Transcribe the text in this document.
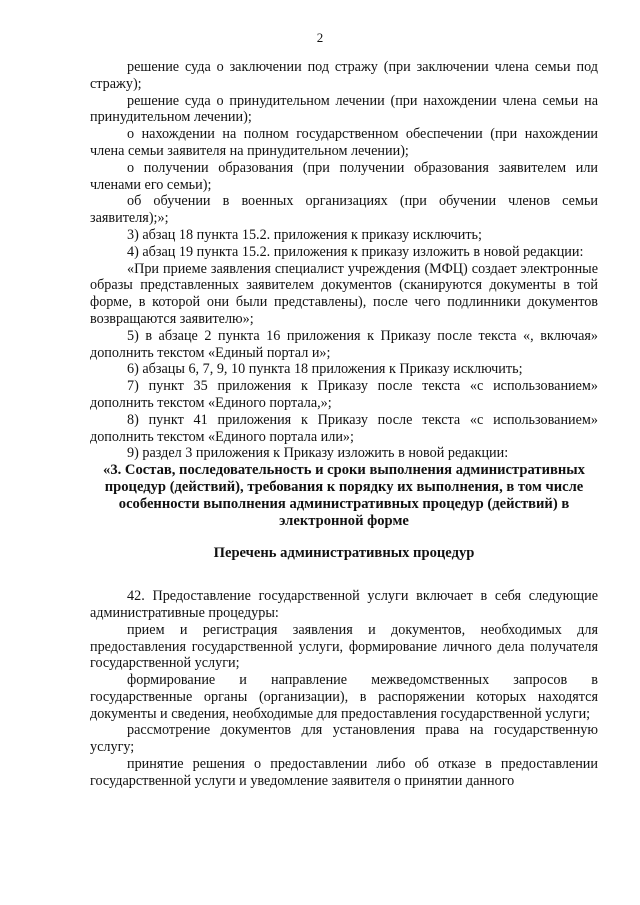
2

решение суда о заключении под стражу (при заключении члена семьи под стражу);

решение суда о принудительном лечении (при нахождении члена семьи на принудительном лечении);

о нахождении на полном государственном обеспечении (при нахождении члена семьи заявителя на принудительном лечении);

о получении образования (при получении образования заявителем или членами его семьи);

об обучении в военных организациях (при обучении членов семьи заявителя);»;

3) абзац 18 пункта 15.2. приложения к приказу исключить;

4) абзац 19 пункта 15.2. приложения к приказу изложить в новой редакции:

«При приеме заявления специалист учреждения (МФЦ) создает электронные образы представленных заявителем документов (сканируются документы в той форме, в которой они были представлены), после чего подлинники документов возвращаются заявителю»;

5) в абзаце 2 пункта 16 приложения к Приказу после текста «, включая» дополнить текстом «Единый портал и»;

6) абзацы 6, 7, 9, 10 пункта 18 приложения к Приказу исключить;

7) пункт 35 приложения к Приказу после текста «с использованием» дополнить текстом «Единого портала,»;

8) пункт 41 приложения к Приказу после текста «с использованием» дополнить текстом «Единого портала или»;

9) раздел 3 приложения к Приказу изложить в новой редакции:

«3. Состав, последовательность и сроки выполнения административных процедур (действий), требования к порядку их выполнения, в том числе особенности выполнения административных процедур (действий) в электронной форме

Перечень административных процедур

42. Предоставление государственной услуги включает в себя следующие административные процедуры:

прием и регистрация заявления и документов, необходимых для предоставления государственной услуги, формирование личного дела получателя государственной услуги;

формирование и направление межведомственных запросов в государственные органы (организации), в распоряжении которых находятся документы и сведения, необходимые для предоставления государственной услуги;

рассмотрение документов для установления права на государственную услугу;

принятие решения о предоставлении либо об отказе в предоставлении государственной услуги и уведомление заявителя о принятии данного
